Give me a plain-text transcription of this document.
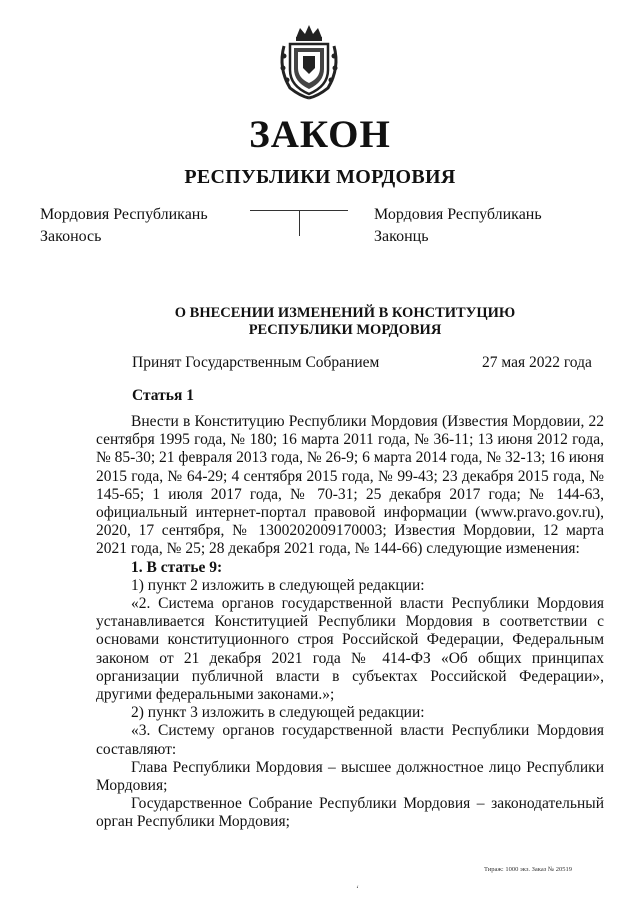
ЗАКОН
РЕСПУБЛИКИ МОРДОВИЯ
Мордовия Республикань
Законось
Мордовия Республикань
Законць
О ВНЕСЕНИИ ИЗМЕНЕНИЙ В КОНСТИТУЦИЮ
РЕСПУБЛИКИ МОРДОВИЯ
Принят Государственным Собранием	27 мая 2022 года
Статья 1

Внести в Конституцию Республики Мордовия (Известия Мордовии, 22 сентября 1995 года, № 180; 16 марта 2011 года, № 36-11; 13 июня 2012 года, № 85-30; 21 февраля 2013 года, № 26-9; 6 марта 2014 года, № 32-13; 16 июня 2015 года, № 64-29; 4 сентября 2015 года, № 99-43; 23 декабря 2015 года, № 145-65; 1 июля 2017 года, № 70-31; 25 декабря 2017 года; № 144-63, официальный интернет-портал правовой информации (www.pravo.gov.ru), 2020, 17 сентября, № 1300202009170003; Известия Мордовии, 12 марта 2021 года, № 25; 28 декабря 2021 года, № 144-66) следующие изменения:

1. В статье 9:

1) пункт 2 изложить в следующей редакции:

«2. Система органов государственной власти Республики Мордовия устанавливается Конституцией Республики Мордовия в соответствии с основами конституционного строя Российской Федерации, Федеральным законом от 21 декабря 2021 года № 414-ФЗ «Об общих принципах организации публичной власти в субъектах Российской Федерации», другими федеральными законами.»;

2) пункт 3 изложить в следующей редакции:

«3. Систему органов государственной власти Республики Мордовия составляют:

Глава Республики Мордовия – высшее должностное лицо Республики Мордовия;

Государственное Собрание Республики Мордовия – законодательный орган Республики Мордовия;

Тираж: 1000 экз. Заказ № 20519
ʻ
